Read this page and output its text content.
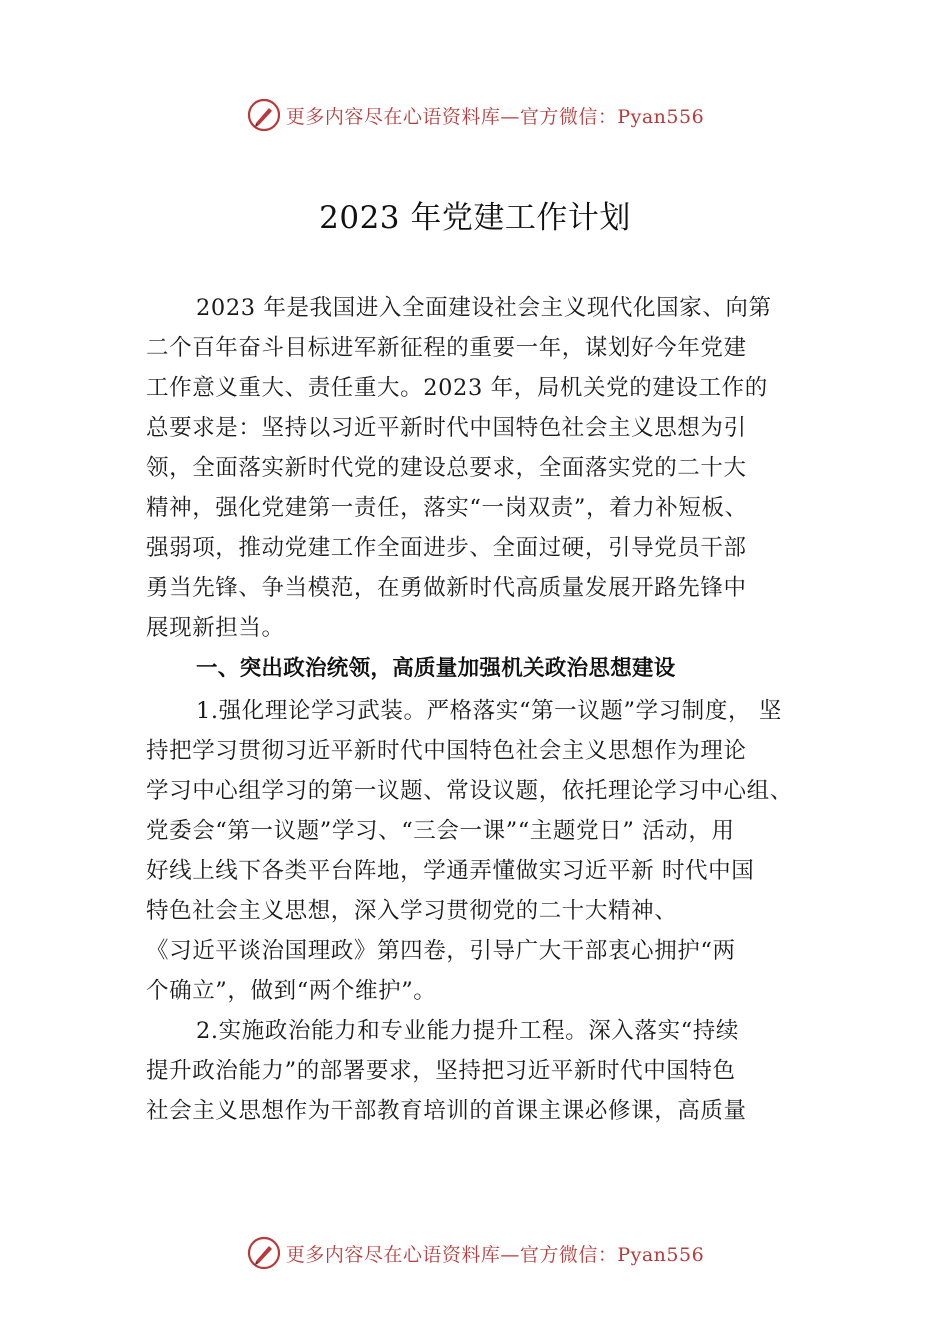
更多内容尽在心语资料库—官方微信：Pyan556
2023 年党建工作计划
2023 年是我国进入全面建设社会主义现代化国家、向第
二个百年奋斗目标进军新征程的重要一年，谋划好今年党建
工作意义重大、责任重大。2023 年，局机关党的建设工作的
总要求是：坚持以习近平新时代中国特色社会主义思想为引
领，全面落实新时代党的建设总要求，全面落实党的二十大
精神，强化党建第一责任，落实“一岗双责”，着力补短板、
强弱项，推动党建工作全面进步、全面过硬，引导党员干部
勇当先锋、争当模范，在勇做新时代高质量发展开路先锋中
展现新担当。
一、突出政治统领，高质量加强机关政治思想建设
1.强化理论学习武装。严格落实“第一议题”学习制度， 坚
持把学习贯彻习近平新时代中国特色社会主义思想作为理论
学习中心组学习的第一议题、常设议题，依托理论学习中心组、
党委会“第一议题”学习、“三会一课”“主题党日” 活动，用
好线上线下各类平台阵地，学通弄懂做实习近平新 时代中国
特色社会主义思想，深入学习贯彻党的二十大精神、
《习近平谈治国理政》第四卷，引导广大干部衷心拥护“两
个确立”，做到“两个维护”。
2.实施政治能力和专业能力提升工程。深入落实“持续
提升政治能力”的部署要求，坚持把习近平新时代中国特色
社会主义思想作为干部教育培训的首课主课必修课，高质量
更多内容尽在心语资料库—官方微信：Pyan556
